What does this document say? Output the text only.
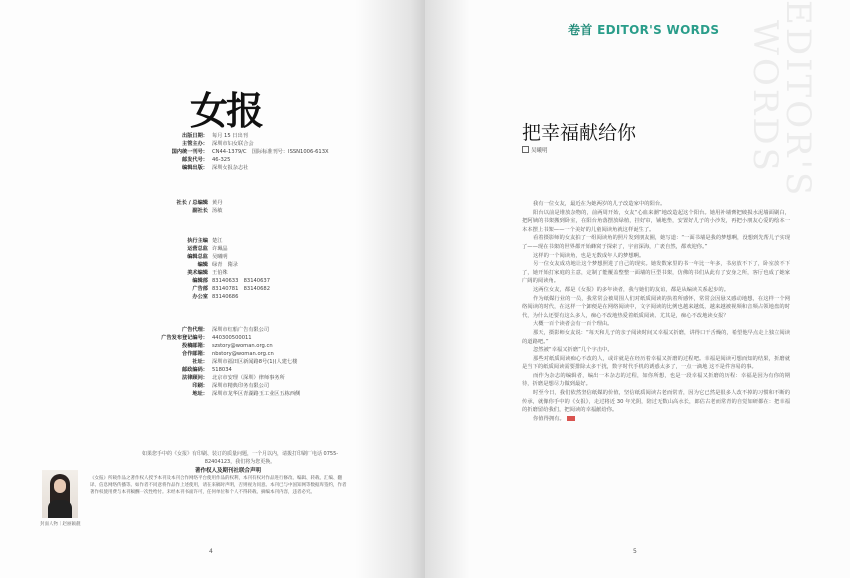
女报
出版日期： 每月 15 日出刊
主管主办： 深圳市妇女联合会
国内统一刊号： CN44-1379/C　国际标准刊号：ISSN1006-613X
邮发代号： 46-325
编辑出版： 深圳女报杂志社
社长 / 总编辑 黄丹
副社长 汤敏
执行主编 楚江
运营总监 许珮晶
编辑总监 吴曦明
编辑 绿青　隋录
美术编辑 王伯殊
编辑部 83140633　83140637
广告部 83140781　83140682
办公室 83140686
广告代理： 深圳市红船广告有限公司
广告发布登记编号： 440300500011
投稿邮箱： szstory@woman.org.cn
合作邮箱： nbstory@woman.org.cn
社址： 深圳市福田区新闻路8号(1)(人建七楼
邮政编码： 518034
法律顾问： 北京市安理（深圳）律师事务所
印刷： 深圳市精典印务有限公司
地址： 深圳市龙华区青湖路玉工业区五栋西侧
如果您手中的《女报》有印刷、装订的质量问题，一个月以内，请拨打印刷厂电话 0755-82404123，我们将为您更换。
著作权人及期刊社联合声明
《女报》所载作品之著作权人授予本刊及本刊合作网络平台使用作品的权利，本刊有权对作品进行修改、编辑、转载、汇编、翻译、信息网络传播等。如作者不同意将作品作上述使用，请在来稿时声明，否则视为同意。本刊已与中国知网等数据库签约，作者著作权使用费与本刊稿酬一次性给付。未经本刊书面许可，任何单位和个人不得转载、摘编本刊内容，违者必究。
封面人物｜赵丽颖靓
4
EDITOR'S
WORDS
卷首 EDITOR'S WORDS
把幸福献给你
吴曦明

我有一位女友，最近在为她两岁的儿子改造家中的阳台。

阳台以前是堆放杂物的，前两周开始，女友“心血来潮”地改造起这个阳台。她用补墙膏把破损水泥墙面刷白，把阿姨的书架搬到卧室，在阳台角落摆放绿植，挂好帘，铺地垫，安置好儿子的小沙发，再把小朋友心爱的绘本一本本摆上书架——一个美好的儿童阅读角就这样诞生了。

看着摄影师的女友拍了一组阅读角的照片发到朋友圈，她写道：“一面书墙是我的梦想啊，没想到先帮儿子实现了——现在书架的世界都开始蜂窝于探索了，宇宙深海，广袤自然，都欢迎你。”

这样的一个阅读角，也是无数成年人的梦想啊。

另一位女友成功地让这个梦想照进了自己的现实。她发数家里的书一年比一年多，书房放不下了，卧室放不下了，她开始打家庭的主意，定制了能覆盖整整一面墙的巨型书架，仿佛的书们从此有了安身之所，客厅也成了她家广阔的阅读角。

这两位女友，都是《女报》的多年读者，我与她们的友谊，都是从编读关系起步的。

作为纸媒行业的一员，我常常会被周围人们对纸质阅读的执着所感怀，常常会因悬又感动地想，在这样一个网络阅读的时代，在这样一个卸便是在网络阅读中，文字阅读的比例也越来越低，越来越被视频和音频占领地盘的时代，为什么还要有这么多人，痴心不改地热爱着纸质阅读、尤其是，痴心不改地读女报？

大概一百个读者会有一百个理由。

那天，摄影师女友说：“每天和儿子的亲子阅读时间又幸福又折磨，讲得口干舌燥的，希望他早点走上独立阅读的道路吧。”

忽然被“幸福又折磨”几个字击中。

那些对纸质阅读痴心不改的人，或许就是在经历着幸福又折磨的过程吧。幸福是阅读可想而知的结果，折磨就是当下的纸质阅读需要排除太多干扰，数字时代手机的诱惑太多了，一点一滴地 这不是件容易的事。

而作为杂志的编辑者，编出一本杂志的过程，如你所想，也是一段幸福又折磨的历程：幸福是因为有你的期待，折磨是想尽力做到最好。

时至今日，我们依然坚信纸媒的价值，坚信纸质阅读古老而常青，因为它已然是很多人改不掉的习惯和不断的传承，就像你手中的《女报》，走过将近 30 年光阴，陪过无数山高水长，郎估古老而常青的自觉如研都在：把幸福的折磨留给我们，把阅读的幸福献给你。

你值得拥有。

5
